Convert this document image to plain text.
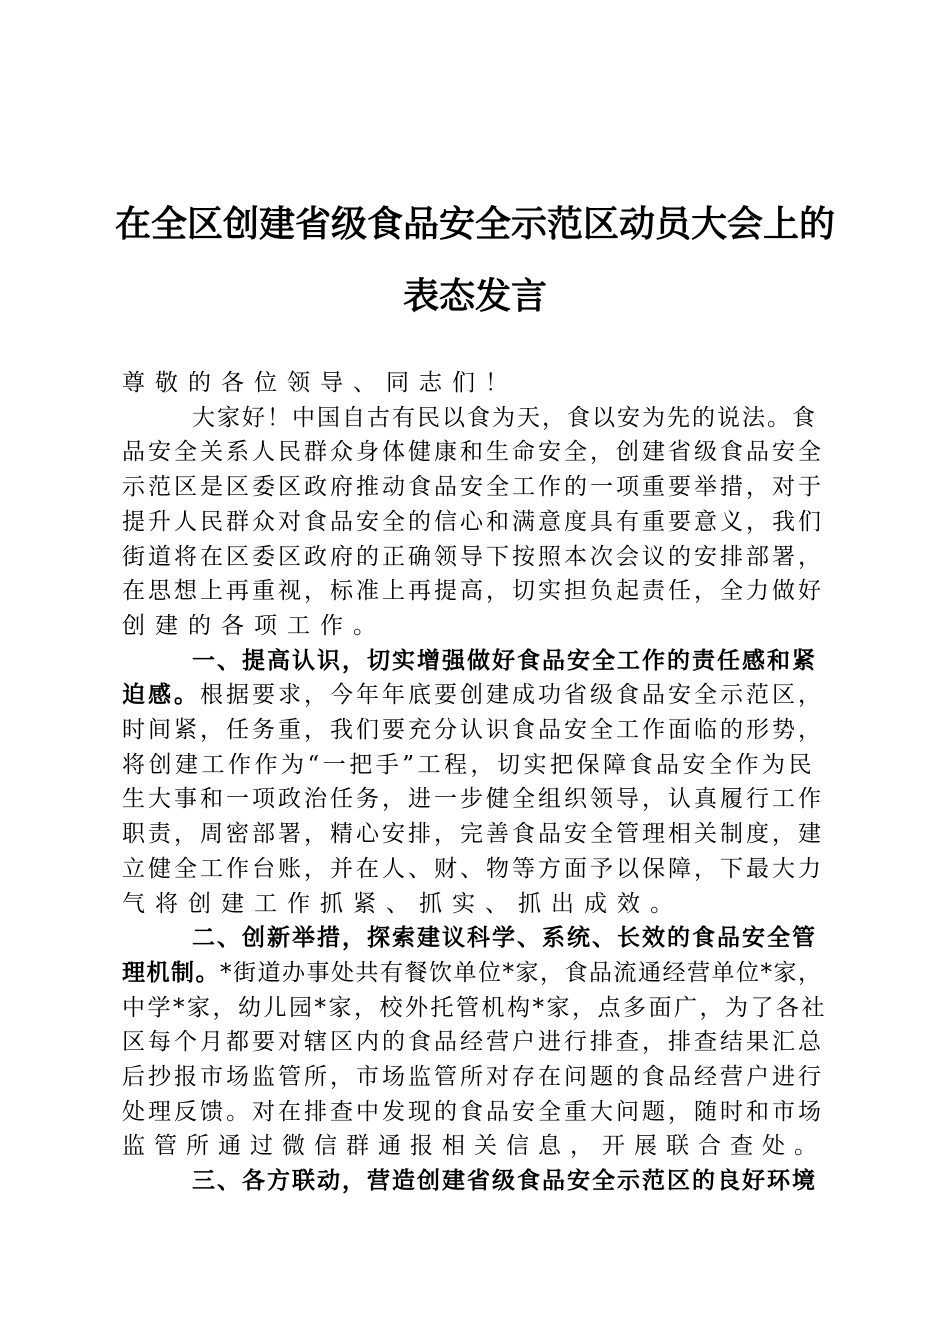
在全区创建省级食品安全示范区动员大会上的
表态发言
尊敬的各位领导、同志们！
大家好！中国自古有民以食为天，食以安为先的说法。食
品安全关系人民群众身体健康和生命安全，创建省级食品安全
示范区是区委区政府推动食品安全工作的一项重要举措，对于
提升人民群众对食品安全的信心和满意度具有重要意义，我们
街道将在区委区政府的正确领导下按照本次会议的安排部署，
在思想上再重视，标准上再提高，切实担负起责任，全力做好
创建的各项工作。
一、提高认识，切实增强做好食品安全工作的责任感和紧
迫感。根据要求，今年年底要创建成功省级食品安全示范区，
时间紧，任务重，我们要充分认识食品安全工作面临的形势，
将创建工作作为“一把手”工程，切实把保障食品安全作为民
生大事和一项政治任务，进一步健全组织领导，认真履行工作
职责，周密部署，精心安排，完善食品安全管理相关制度，建
立健全工作台账，并在人、财、物等方面予以保障，下最大力
气将创建工作抓紧、抓实、抓出成效。
二、创新举措，探索建议科学、系统、长效的食品安全管
理机制。*街道办事处共有餐饮单位*家，食品流通经营单位*家，
中学*家，幼儿园*家，校外托管机构*家，点多面广，为了各社
区每个月都要对辖区内的食品经营户进行排查，排查结果汇总
后抄报市场监管所，市场监管所对存在问题的食品经营户进行
处理反馈。对在排查中发现的食品安全重大问题，随时和市场
监管所通过微信群通报相关信息，开展联合查处。
三、各方联动，营造创建省级食品安全示范区的良好环境
